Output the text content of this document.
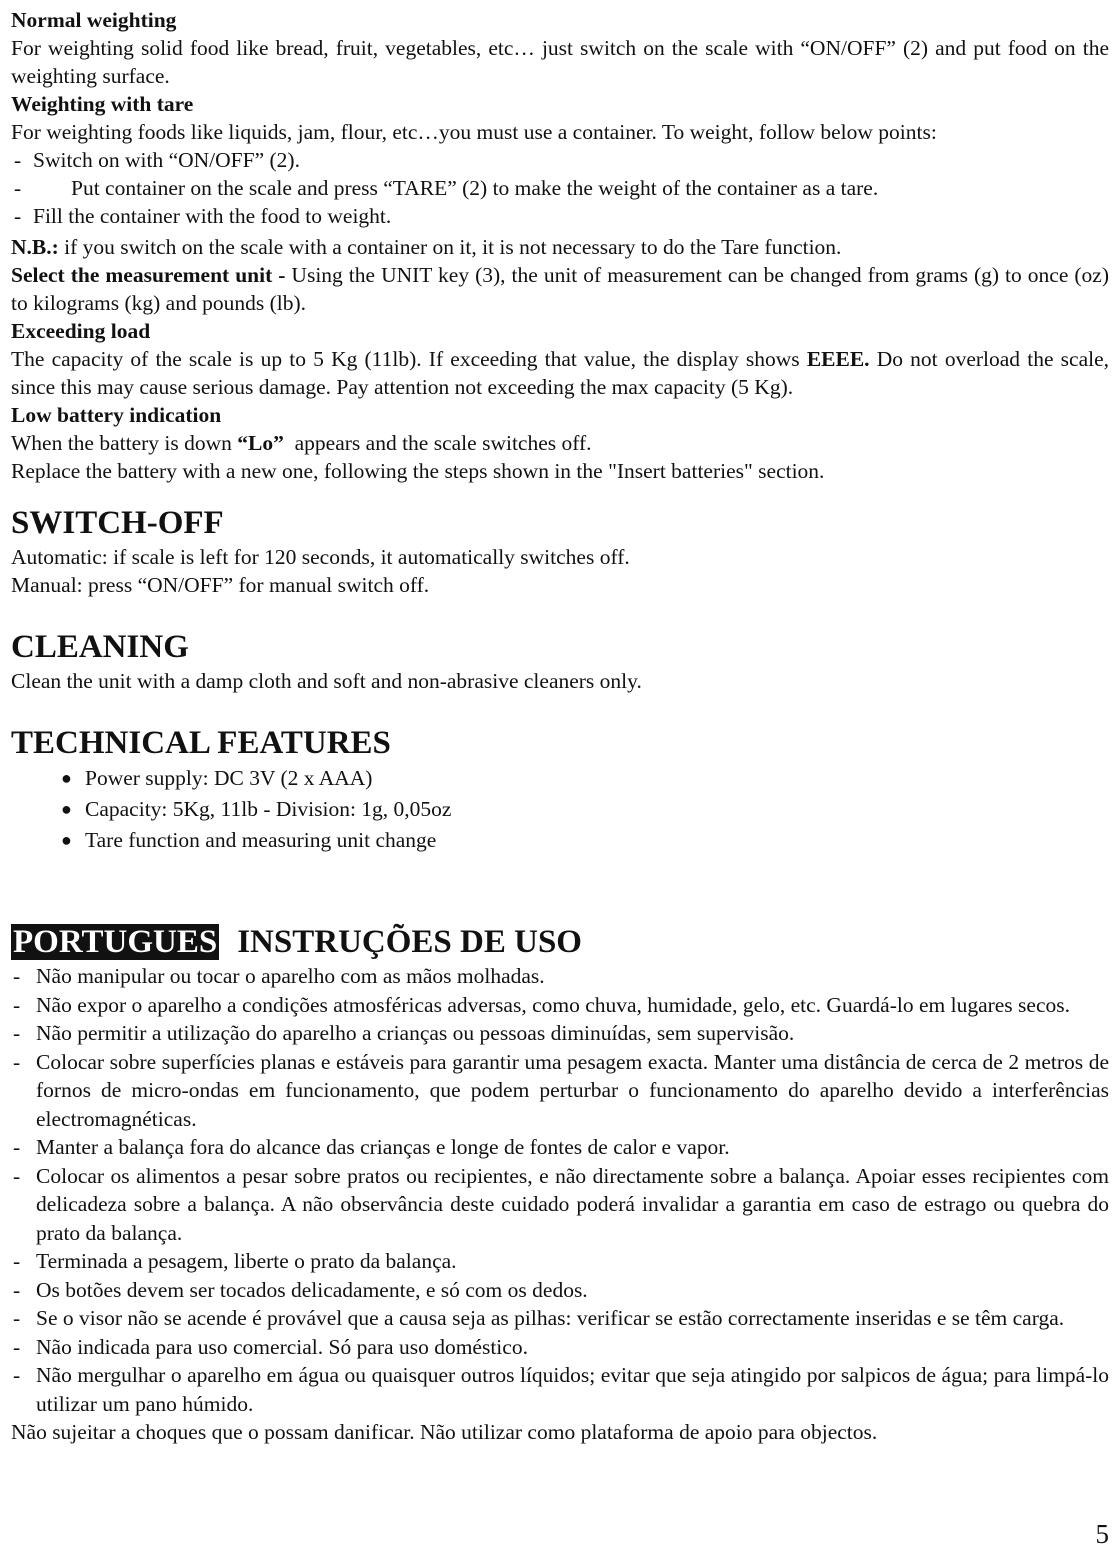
Normal weighting

For weighting solid food like bread, fruit, vegetables, etc… just switch on the scale with “ON/OFF” (2) and put food on the weighting surface.

Weighting with tare

For weighting foods like liquids, jam, flour, etc…you must use a container. To weight, follow below points:

- Switch on with “ON/OFF” (2).

- Put container on the scale and press “TARE” (2) to make the weight of the container as a tare.

- Fill the container with the food to weight.

N.B.: if you switch on the scale with a container on it, it is not necessary to do the Tare function.

Select the measurement unit - Using the UNIT key (3), the unit of measurement can be changed from grams (g) to once (oz) to kilograms (kg) and pounds (lb).

Exceeding load

The capacity of the scale is up to 5 Kg (11lb). If exceeding that value, the display shows EEEE. Do not overload the scale, since this may cause serious damage. Pay attention not exceeding the max capacity (5 Kg).

Low battery indication

When the battery is down “Lo”  appears and the scale switches off.

Replace the battery with a new one, following the steps shown in the "Insert batteries" section.

SWITCH-OFF

Automatic: if scale is left for 120 seconds, it automatically switches off.

Manual: press “ON/OFF” for manual switch off.

CLEANING

Clean the unit with a damp cloth and soft and non-abrasive cleaners only.

TECHNICAL FEATURES
● Power supply: DC 3V (2 x AAA)
● Capacity: 5Kg, 11lb - Division: 1g, 0,05oz
● Tare function and measuring unit change
PORTUGUES INSTRUÇÕES DE USO

- Não manipular ou tocar o aparelho com as mãos molhadas.

- Não expor o aparelho a condições atmosféricas adversas, como chuva, humidade, gelo, etc. Guardá-lo em lugares secos.

- Não permitir a utilização do aparelho a crianças ou pessoas diminuídas, sem supervisão.

- Colocar sobre superfícies planas e estáveis para garantir uma pesagem exacta. Manter uma distância de cerca de 2 metros de fornos de micro-ondas em funcionamento, que podem perturbar o funcionamento do aparelho devido a interferências electromagnéticas.

- Manter a balança fora do alcance das crianças e longe de fontes de calor e vapor.

- Colocar os alimentos a pesar sobre pratos ou recipientes, e não directamente sobre a balança. Apoiar esses recipientes com delicadeza sobre a balança. A não observância deste cuidado poderá invalidar a garantia em caso de estrago ou quebra do prato da balança.

- Terminada a pesagem, liberte o prato da balança.

- Os botões devem ser tocados delicadamente, e só com os dedos.

- Se o visor não se acende é provável que a causa seja as pilhas: verificar se estão correctamente inseridas e se têm carga.

- Não indicada para uso comercial. Só para uso doméstico.

- Não mergulhar o aparelho em água ou quaisquer outros líquidos; evitar que seja atingido por salpicos de água; para limpá-lo utilizar um pano húmido.

Não sujeitar a choques que o possam danificar. Não utilizar como plataforma de apoio para objectos.

5
